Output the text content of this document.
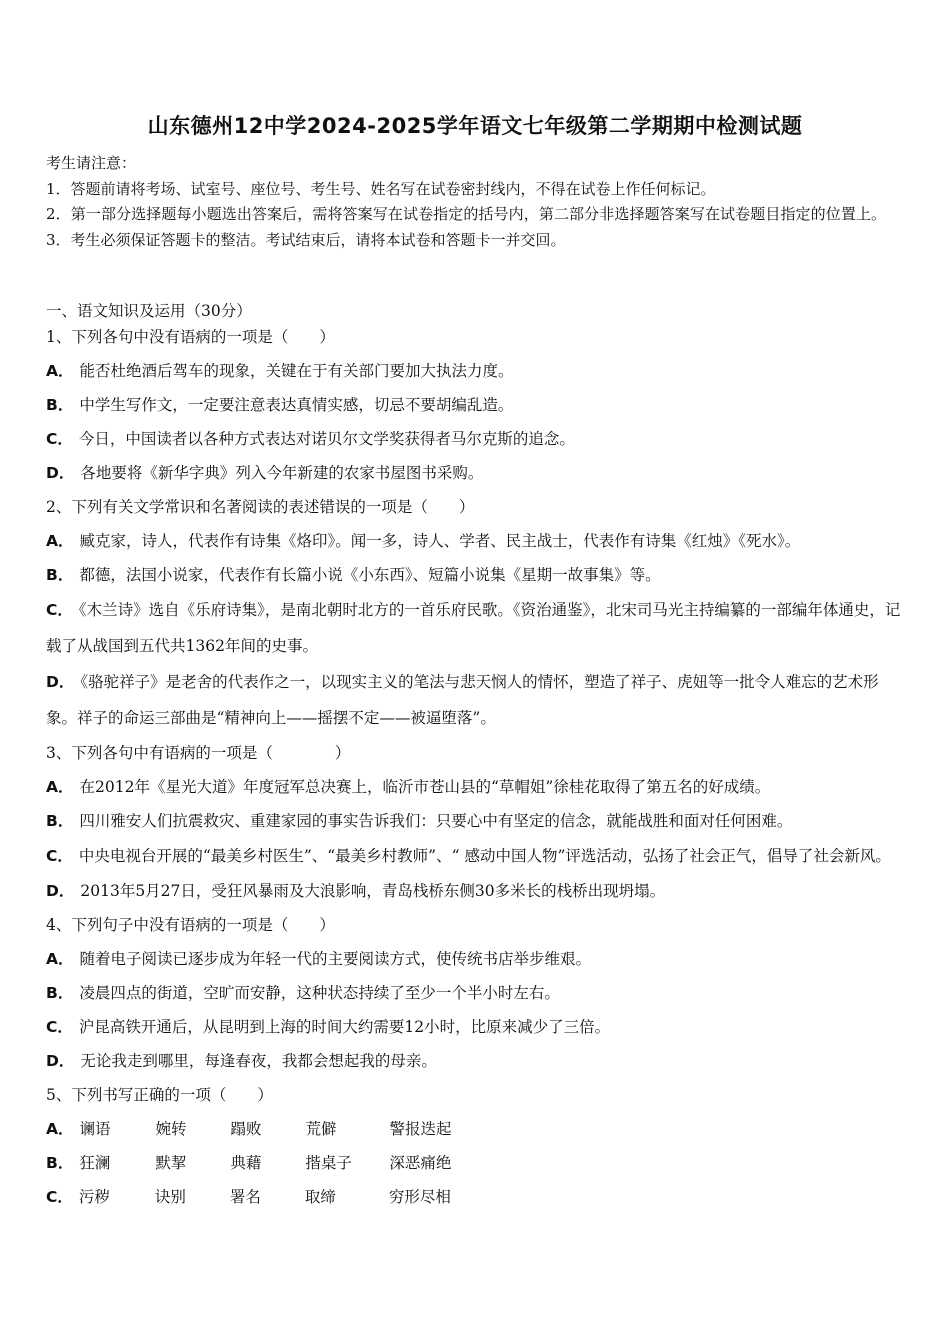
山东德州12中学2024-2025学年语文七年级第二学期期中检测试题
考生请注意：
1．答题前请将考场、试室号、座位号、考生号、姓名写在试卷密封线内，不得在试卷上作任何标记。
2．第一部分选择题每小题选出答案后，需将答案写在试卷指定的括号内，第二部分非选择题答案写在试卷题目指定的位置上。
3．考生必须保证答题卡的整洁。考试结束后，请将本试卷和答题卡一并交回。
一、语文知识及运用（30分）
1、下列各句中没有语病的一项是（　　）
A． 能否杜绝酒后驾车的现象，关键在于有关部门要加大执法力度。
B． 中学生写作文，一定要注意表达真情实感，切忌不要胡编乱造。
C． 今日，中国读者以各种方式表达对诺贝尔文学奖获得者马尔克斯的追念。
D． 各地要将《新华字典》列入今年新建的农家书屋图书采购。
2、下列有关文学常识和名著阅读的表述错误的一项是（　　）
A． 臧克家，诗人，代表作有诗集《烙印》。闻一多，诗人、学者、民主战士，代表作有诗集《红烛》《死水》。
B． 都德，法国小说家，代表作有长篇小说《小东西》、短篇小说集《星期一故事集》等。
C． 《木兰诗》选自《乐府诗集》，是南北朝时北方的一首乐府民歌。《资治通鉴》，北宋司马光主持编纂的一部编年体通史，记载了从战国到五代共1362年间的史事。
D． 《骆驼祥子》是老舍的代表作之一，以现实主义的笔法与悲天悯人的情怀，塑造了祥子、虎妞等一批令人难忘的艺术形象。祥子的命运三部曲是“精神向上——摇摆不定——被逼堕落”。
3、下列各句中有语病的一项是（　　　　）
A． 在2012年《星光大道》年度冠军总决赛上，临沂市苍山县的“草帽姐”徐桂花取得了第五名的好成绩。
B． 四川雅安人们抗震救灾、重建家园的事实告诉我们：只要心中有坚定的信念，就能战胜和面对任何困难。
C． 中央电视台开展的“最美乡村医生”、“最美乡村教师”、“ 感动中国人物”评选活动，弘扬了社会正气，倡导了社会新风。
D． 2013年5月27日，受狂风暴雨及大浪影响，青岛栈桥东侧30多米长的栈桥出现坍塌。
4、下列句子中没有语病的一项是（　　）
A． 随着电子阅读已逐步成为年轻一代的主要阅读方式，使传统书店举步维艰。
B． 凌晨四点的街道，空旷而安静，这种状态持续了至少一个半小时左右。
C． 沪昆高铁开通后，从昆明到上海的时间大约需要12小时，比原来减少了三倍。
D． 无论我走到哪里，每逢春夜，我都会想起我的母亲。
5、下列书写正确的一项（　　）
A． 谰语	婉转	蹋败	荒僻	警报迭起
B． 狂澜	默挈	典藉	揩桌子	深恶痛绝
C． 污秽	诀别	署名	取缔	穷形尽相
